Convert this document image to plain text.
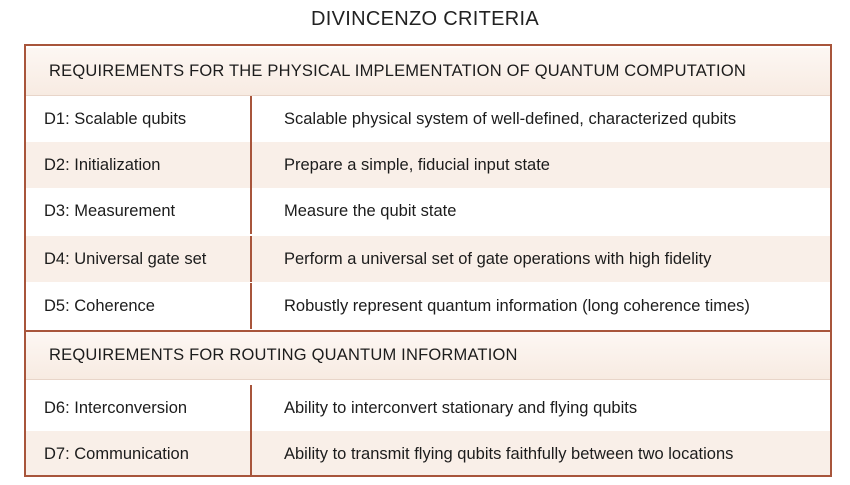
DIVINCENZO CRITERIA
REQUIREMENTS FOR THE PHYSICAL IMPLEMENTATION OF QUANTUM COMPUTATION
D1: Scalable qubits	Scalable physical system of well-defined, characterized qubits
D2: Initialization	Prepare a simple, fiducial input state
D3: Measurement	Measure the qubit state
D4: Universal gate set	Perform a universal set of gate operations with high fidelity
D5: Coherence	Robustly represent quantum information (long coherence times)
REQUIREMENTS FOR ROUTING QUANTUM INFORMATION
D6: Interconversion	Ability to interconvert stationary and flying qubits
D7: Communication	Ability to transmit flying qubits faithfully between two locations
